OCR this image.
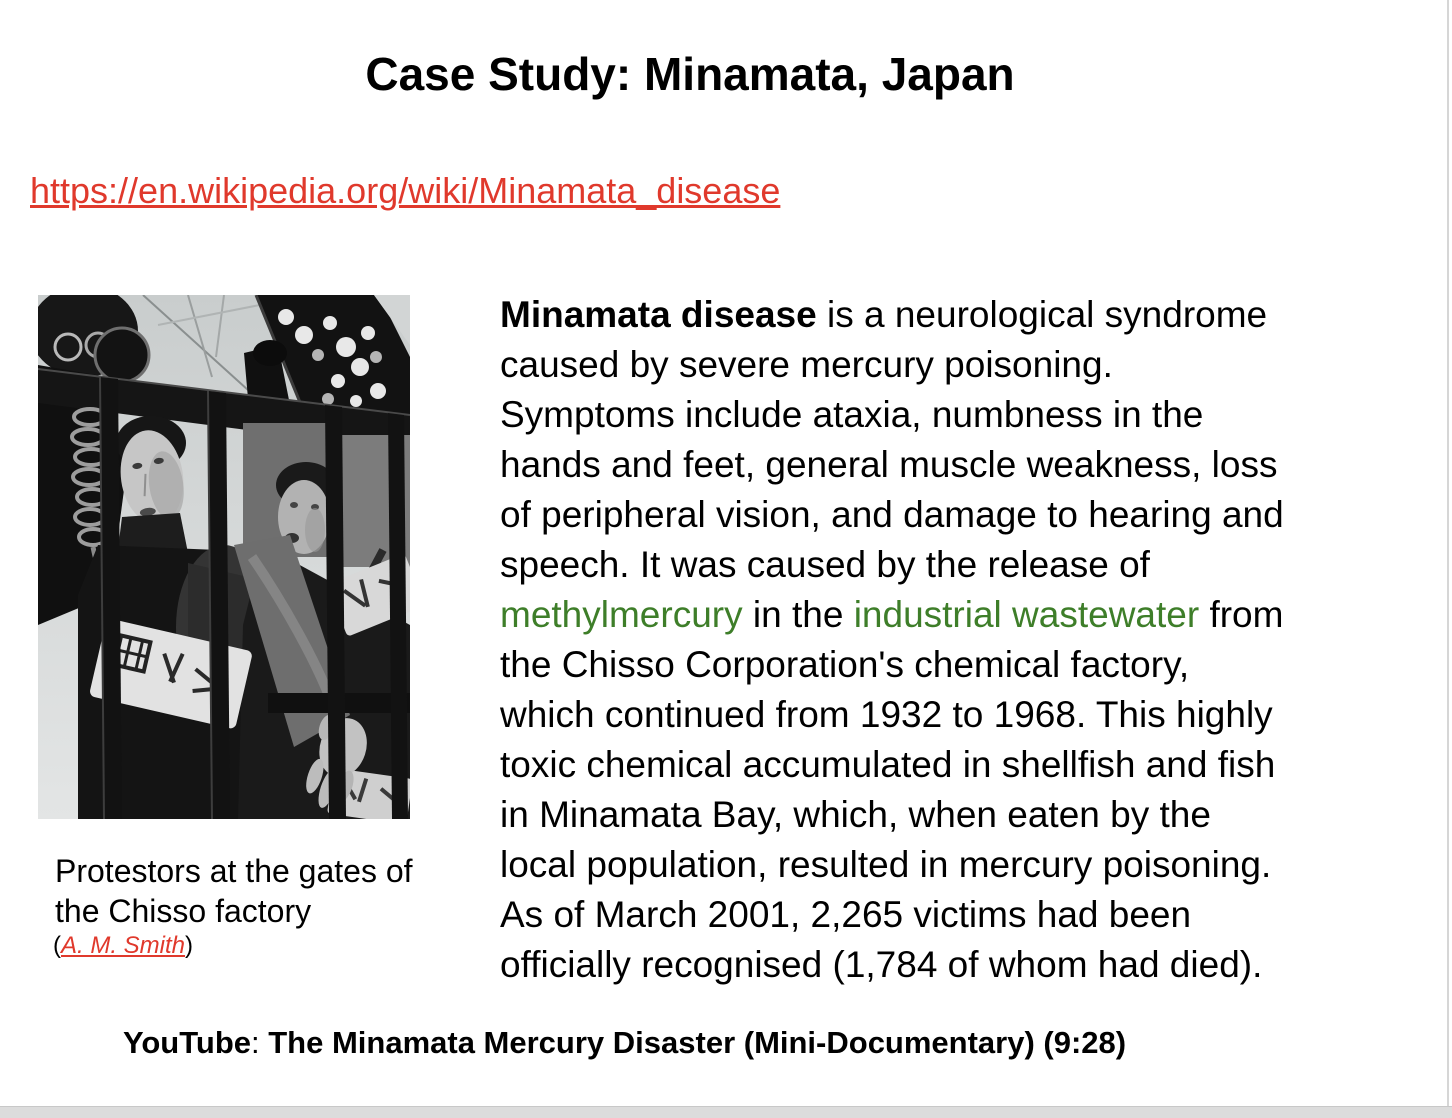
Case Study: Minamata, Japan
https://en.wikipedia.org/wiki/Minamata_disease
Protestors at the gates of the Chisso factory
(A. M. Smith)
Minamata disease is a neurological syndrome
caused by severe mercury poisoning.
Symptoms include ataxia, numbness in the
hands and feet, general muscle weakness, loss
of peripheral vision, and damage to hearing and
speech. It was caused by the release of
methylmercury in the industrial wastewater from
the Chisso Corporation's chemical factory,
which continued from 1932 to 1968. This highly
toxic chemical accumulated in shellfish and fish
in Minamata Bay, which, when eaten by the
local population, resulted in mercury poisoning.
As of March 2001, 2,265 victims had been
officially recognised (1,784 of whom had died).
YouTube: The Minamata Mercury Disaster (Mini-Documentary) (9:28)
